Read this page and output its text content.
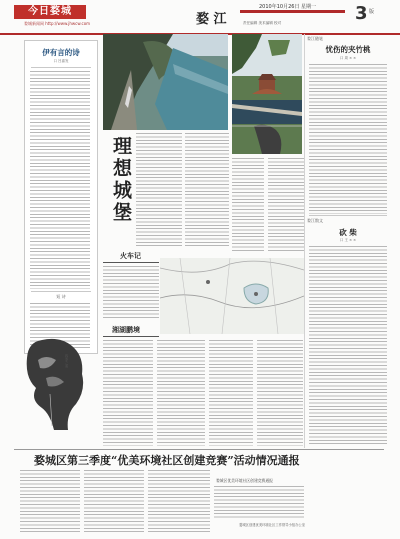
今日婺城
婺城新闻网 http://www.jhwcw.com	婺 江
2010年10月26日 星期一
责任编辑 美术编辑 校对	3 版
伊有言的诗
口 吕嘉发
短 诗
四季之美
理想城堡
火车记
湘湖鹏境
婺江随笔
忧伤的夹竹桃
口 周 × ×
婺江散文
砍 柴
口 王 × ×
婺城区第三季度“优美环境社区创建竞赛”活动情况通报
婺城区优美环境社区创建竞赛通报
婺城区创建优美环境社区工作领导小组办公室
